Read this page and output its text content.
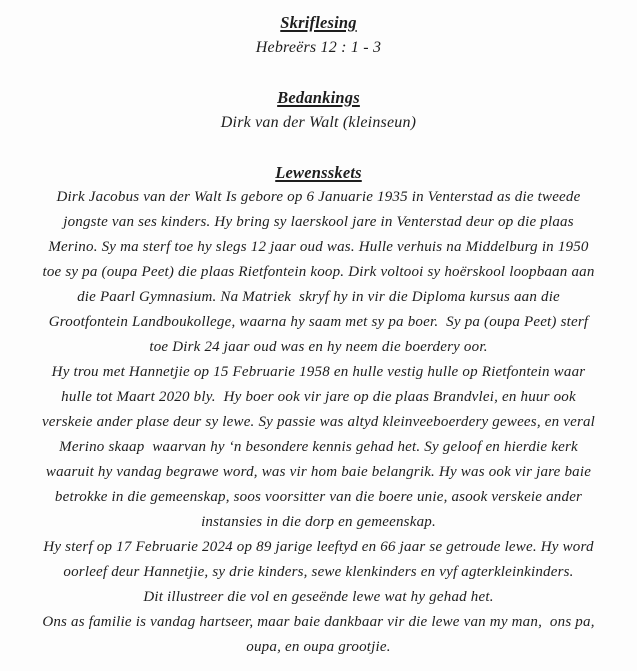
Skriflesing
Hebreërs 12 : 1 - 3
Bedankings
Dirk van der Walt (kleinseun)
Lewensskets
Dirk Jacobus van der Walt Is gebore op 6 Januarie 1935 in Venterstad as die tweede
jongste van ses kinders. Hy bring sy laerskool jare in Venterstad deur op die plaas
Merino. Sy ma sterf toe hy slegs 12 jaar oud was. Hulle verhuis na Middelburg in 1950
toe sy pa (oupa Peet) die plaas Rietfontein koop. Dirk voltooi sy hoërskool loopbaan aan
die Paarl Gymnasium. Na Matriek  skryf hy in vir die Diploma kursus aan die
Grootfontein Landboukollege, waarna hy saam met sy pa boer.  Sy pa (oupa Peet) sterf
toe Dirk 24 jaar oud was en hy neem die boerdery oor.
Hy trou met Hannetjie op 15 Februarie 1958 en hulle vestig hulle op Rietfontein waar
hulle tot Maart 2020 bly.  Hy boer ook vir jare op die plaas Brandvlei, en huur ook
verskeie ander plase deur sy lewe. Sy passie was altyd kleinveeboerdery gewees, en veral
Merino skaap  waarvan hy ‘n besondere kennis gehad het. Sy geloof en hierdie kerk
waaruit hy vandag begrawe word, was vir hom baie belangrik. Hy was ook vir jare baie
betrokke in die gemeenskap, soos voorsitter van die boere unie, asook verskeie ander
instansies in die dorp en gemeenskap.
Hy sterf op 17 Februarie 2024 op 89 jarige leeftyd en 66 jaar se getroude lewe. Hy word
oorleef deur Hannetjie, sy drie kinders, sewe klenkinders en vyf agterkleinkinders.
Dit illustreer die vol en geseënde lewe wat hy gehad het.
Ons as familie is vandag hartseer, maar baie dankbaar vir die lewe van my man,  ons pa,
oupa, en oupa grootjie.
